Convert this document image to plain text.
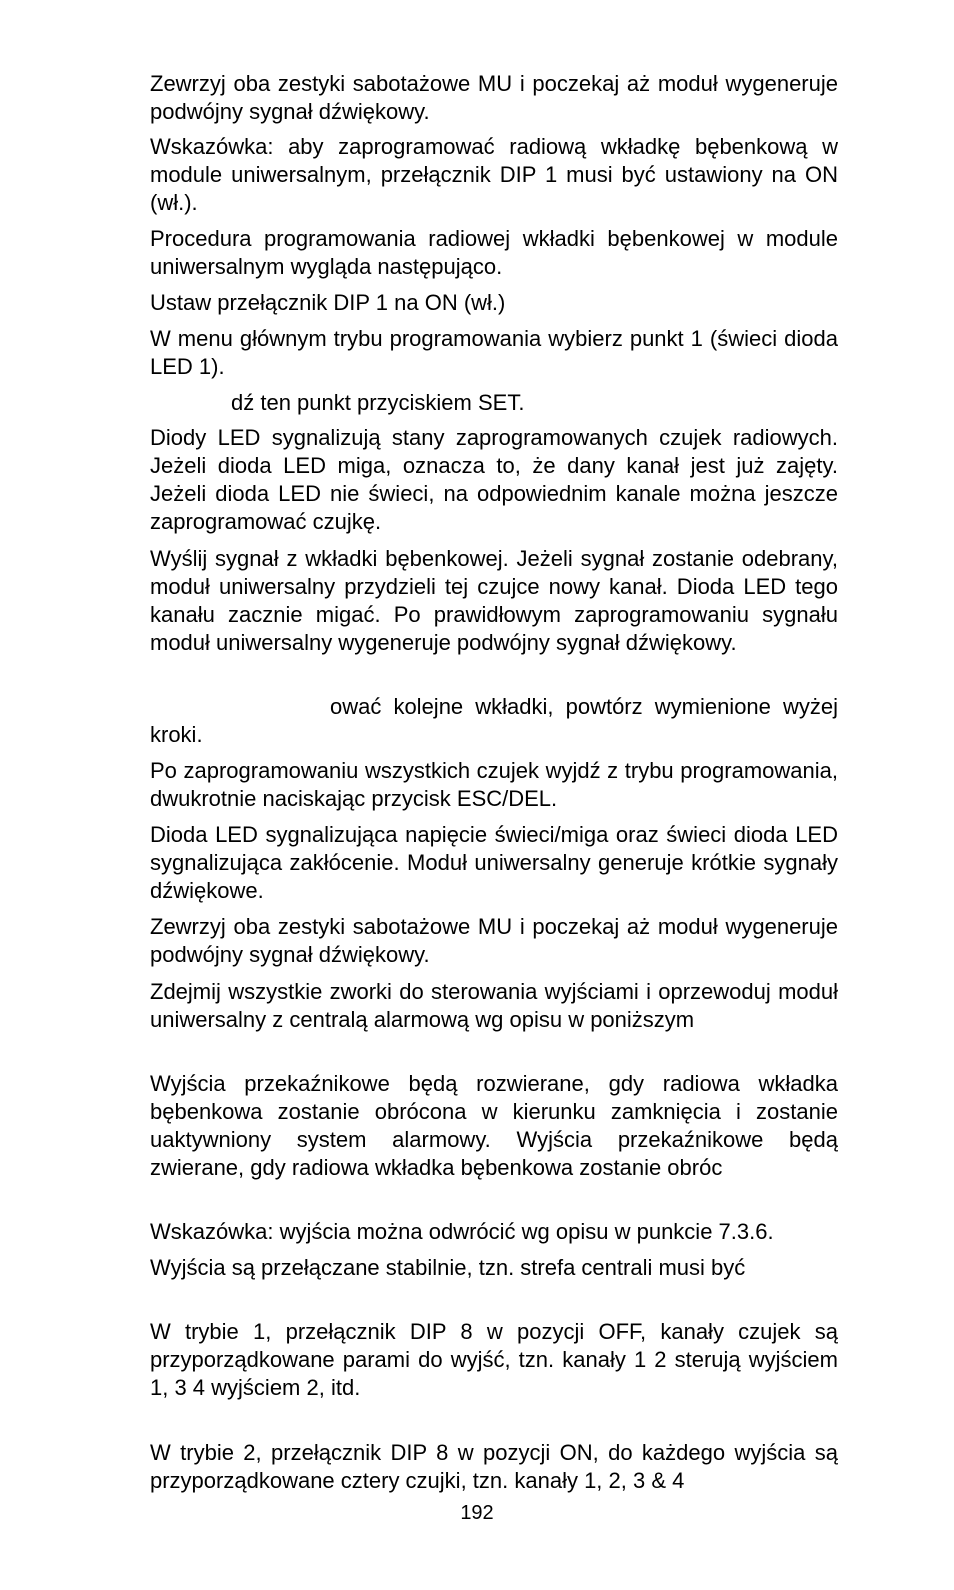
Zewrzyj oba zestyki sabotażowe MU i poczekaj aż moduł wygeneruje podwójny sygnał dźwiękowy.

Wskazówka: aby zaprogramować radiową wkładkę bębenkową w module uniwersalnym, przełącznik DIP 1 musi być ustawiony na ON (wł.).

Procedura programowania radiowej wkładki bębenkowej w module uniwersalnym wygląda następująco.

Ustaw przełącznik DIP 1 na ON (wł.)

W menu głównym trybu programowania wybierz punkt 1 (świeci dioda LED 1).

dź ten punkt przyciskiem SET.

Diody LED sygnalizują stany zaprogramowanych czujek radiowych. Jeżeli dioda LED miga, oznacza to, że dany kanał jest już zajęty. Jeżeli dioda LED nie świeci, na odpowiednim kanale można jeszcze zaprogramować czujkę.

Wyślij sygnał z wkładki bębenkowej. Jeżeli sygnał zostanie odebrany, moduł uniwersalny przydzieli tej czujce nowy kanał. Dioda LED tego kanału zacznie migać. Po prawidłowym zaprogramowaniu sygnału moduł uniwersalny wygeneruje podwójny sygnał dźwiękowy.

ować kolejne wkładki, powtórz wymienione wyżej kroki.

Po zaprogramowaniu wszystkich czujek wyjdź z trybu programowania, dwukrotnie naciskając przycisk ESC/DEL.

Dioda LED sygnalizująca napięcie świeci/miga oraz świeci dioda LED sygnalizująca zakłócenie. Moduł uniwersalny generuje krótkie sygnały dźwiękowe.

Zewrzyj oba zestyki sabotażowe MU i poczekaj aż moduł wygeneruje podwójny sygnał dźwiękowy.

Zdejmij wszystkie zworki do sterowania wyjściami i oprzewoduj moduł uniwersalny z centralą alarmową wg opisu w poniższym

Wyjścia przekaźnikowe będą rozwierane, gdy radiowa wkładka bębenkowa zostanie obrócona w kierunku zamknięcia i zostanie uaktywniony system alarmowy. Wyjścia przekaźnikowe będą zwierane, gdy radiowa wkładka bębenkowa zostanie obróc

Wskazówka: wyjścia można odwrócić wg opisu w punkcie 7.3.6.

Wyjścia są przełączane stabilnie, tzn. strefa centrali musi być

W trybie 1, przełącznik DIP 8 w pozycji OFF, kanały czujek są przyporządkowane parami do wyjść, tzn. kanały 1 2 sterują wyjściem 1, 3 4 wyjściem 2, itd.

W trybie 2, przełącznik DIP 8 w pozycji ON, do każdego wyjścia są przyporządkowane cztery czujki, tzn. kanały 1, 2, 3 & 4

192
